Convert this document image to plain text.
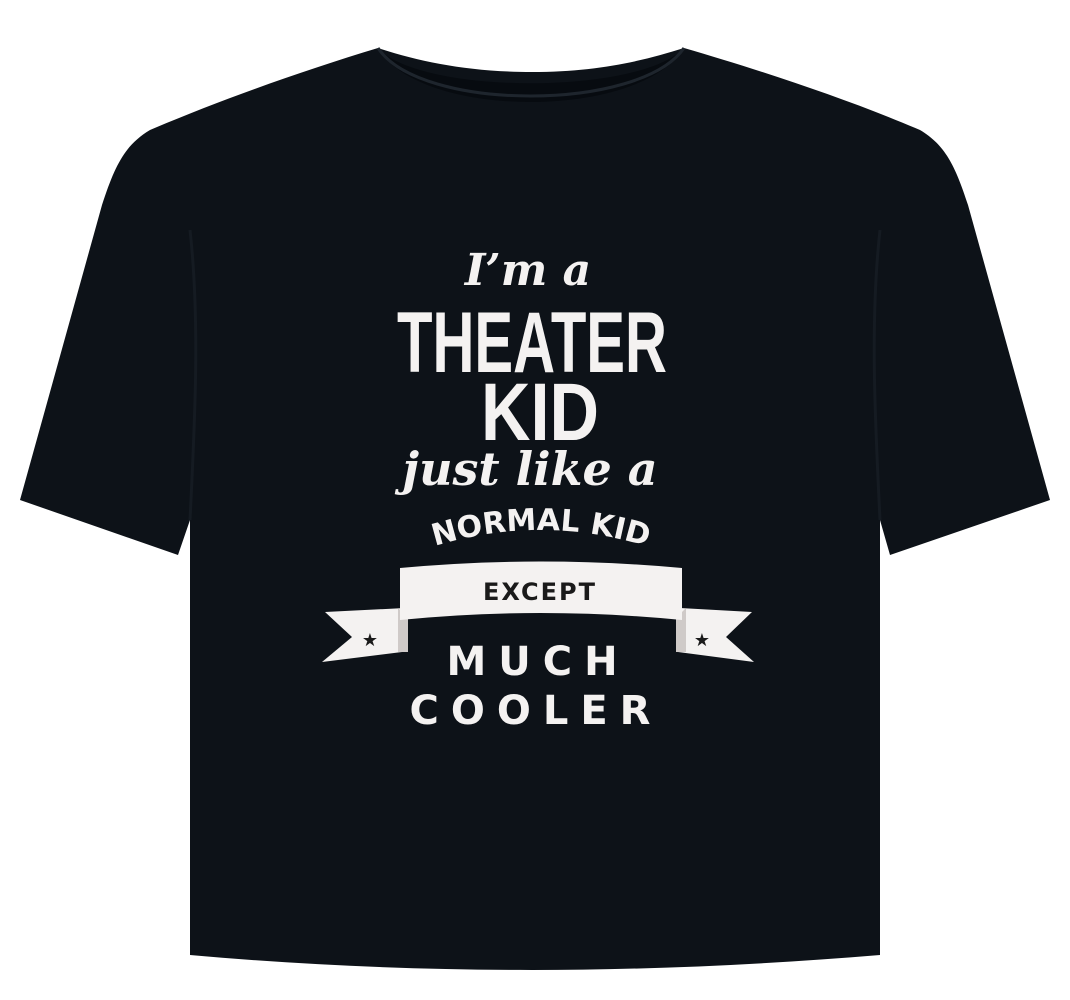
I’m a
THEATER
KID
just like a
NORMAL KID
★	★
EXCEPT
MUCH
COOLER
